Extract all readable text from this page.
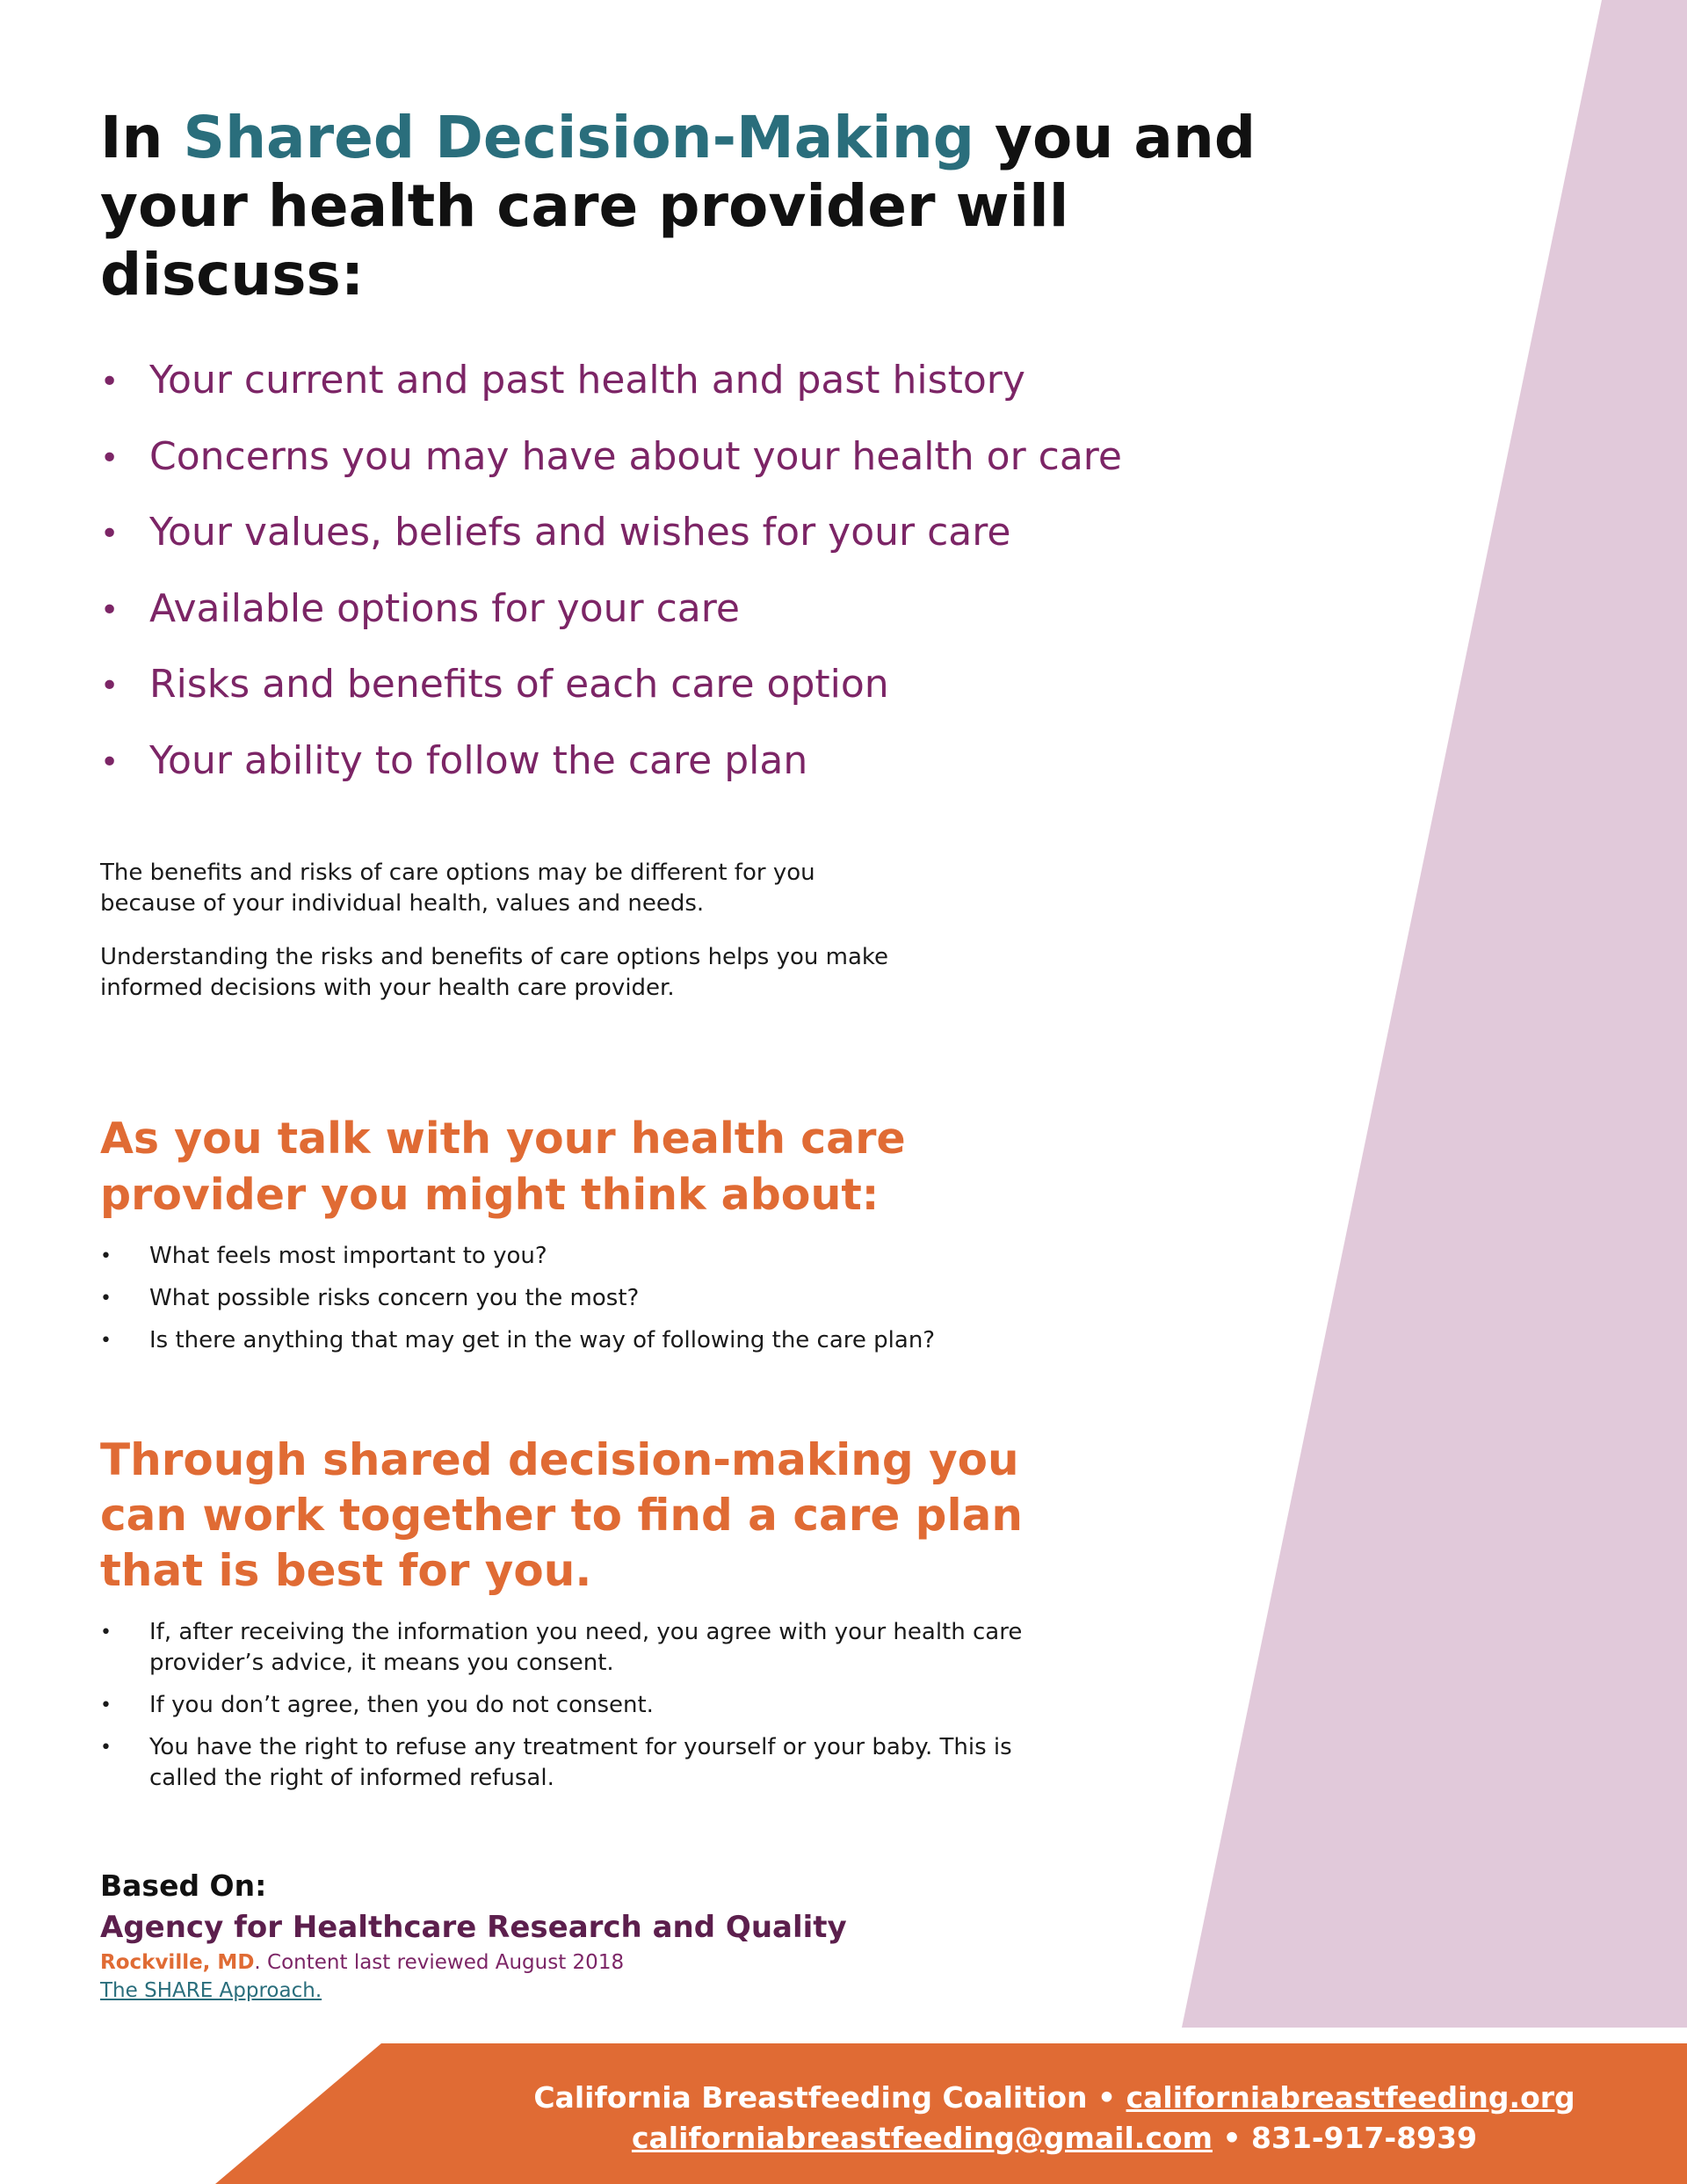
In Shared Decision-Making you and your health care provider will discuss:
• Your current and past health and past history
• Concerns you may have about your health or care
• Your values, beliefs and wishes for your care
• Available options for your care
• Risks and benefits of each care option
• Your ability to follow the care plan

The benefits and risks of care options may be different for you because of your individual health, values and needs.

Understanding the risks and benefits of care options helps you make informed decisions with your health care provider.

As you talk with your health care provider you might think about:
• What feels most important to you?
• What possible risks concern you the most?
• Is there anything that may get in the way of following the care plan?
Through shared decision-making you can work together to find a care plan that is best for you.
• If, after receiving the information you need, you agree with your health care provider’s advice, it means you consent.
• If you don’t agree, then you do not consent.
• You have the right to refuse any treatment for yourself or your baby. This is called the right of informed refusal.
Based On:
Agency for Healthcare Research and Quality
Rockville, MD. Content last reviewed August 2018
The SHARE Approach.
California Breastfeeding Coalition • californiabreastfeeding.org
californiabreastfeeding@gmail.com • 831-917-8939
